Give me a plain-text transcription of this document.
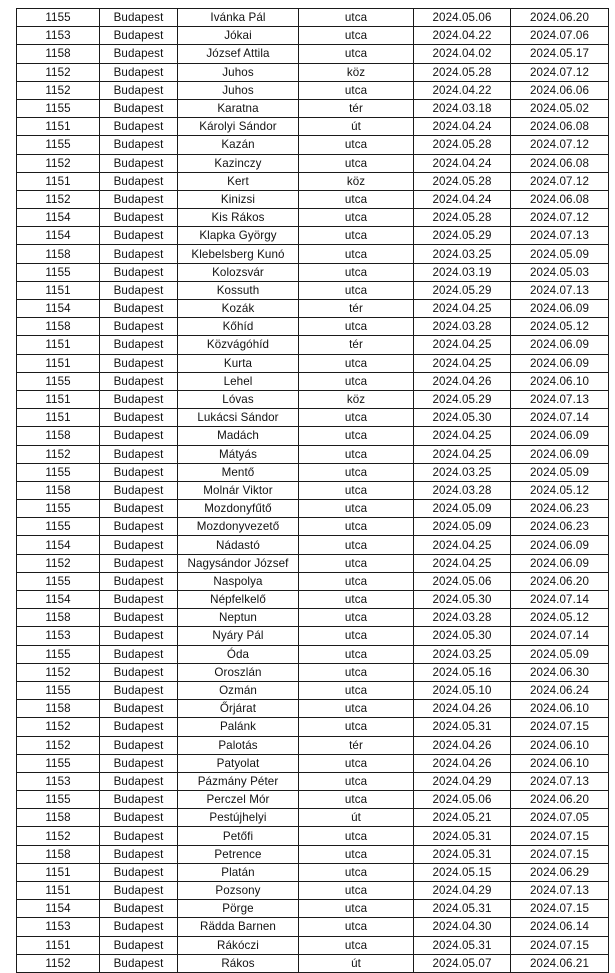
1155	Budapest	Ivánka Pál	utca	2024.05.06	2024.06.20
1153	Budapest	Jókai	utca	2024.04.22	2024.07.06
1158	Budapest	József Attila	utca	2024.04.02	2024.05.17
1152	Budapest	Juhos	köz	2024.05.28	2024.07.12
1152	Budapest	Juhos	utca	2024.04.22	2024.06.06
1155	Budapest	Karatna	tér	2024.03.18	2024.05.02
1151	Budapest	Károlyi Sándor	út	2024.04.24	2024.06.08
1155	Budapest	Kazán	utca	2024.05.28	2024.07.12
1152	Budapest	Kazinczy	utca	2024.04.24	2024.06.08
1151	Budapest	Kert	köz	2024.05.28	2024.07.12
1152	Budapest	Kinizsi	utca	2024.04.24	2024.06.08
1154	Budapest	Kis Rákos	utca	2024.05.28	2024.07.12
1154	Budapest	Klapka György	utca	2024.05.29	2024.07.13
1158	Budapest	Klebelsberg Kunó	utca	2024.03.25	2024.05.09
1155	Budapest	Kolozsvár	utca	2024.03.19	2024.05.03
1151	Budapest	Kossuth	utca	2024.05.29	2024.07.13
1154	Budapest	Kozák	tér	2024.04.25	2024.06.09
1158	Budapest	Kőhíd	utca	2024.03.28	2024.05.12
1151	Budapest	Közvágóhíd	tér	2024.04.25	2024.06.09
1151	Budapest	Kurta	utca	2024.04.25	2024.06.09
1155	Budapest	Lehel	utca	2024.04.26	2024.06.10
1151	Budapest	Lóvas	köz	2024.05.29	2024.07.13
1151	Budapest	Lukácsi Sándor	utca	2024.05.30	2024.07.14
1158	Budapest	Madách	utca	2024.04.25	2024.06.09
1152	Budapest	Mátyás	utca	2024.04.25	2024.06.09
1155	Budapest	Mentő	utca	2024.03.25	2024.05.09
1158	Budapest	Molnár Viktor	utca	2024.03.28	2024.05.12
1155	Budapest	Mozdonyfűtő	utca	2024.05.09	2024.06.23
1155	Budapest	Mozdonyvezető	utca	2024.05.09	2024.06.23
1154	Budapest	Nádastó	utca	2024.04.25	2024.06.09
1152	Budapest	Nagysándor József	utca	2024.04.25	2024.06.09
1155	Budapest	Naspolya	utca	2024.05.06	2024.06.20
1154	Budapest	Népfelkelő	utca	2024.05.30	2024.07.14
1158	Budapest	Neptun	utca	2024.03.28	2024.05.12
1153	Budapest	Nyáry Pál	utca	2024.05.30	2024.07.14
1155	Budapest	Óda	utca	2024.03.25	2024.05.09
1152	Budapest	Oroszlán	utca	2024.05.16	2024.06.30
1155	Budapest	Ozmán	utca	2024.05.10	2024.06.24
1158	Budapest	Őrjárat	utca	2024.04.26	2024.06.10
1152	Budapest	Palánk	utca	2024.05.31	2024.07.15
1152	Budapest	Palotás	tér	2024.04.26	2024.06.10
1155	Budapest	Patyolat	utca	2024.04.26	2024.06.10
1153	Budapest	Pázmány Péter	utca	2024.04.29	2024.07.13
1155	Budapest	Perczel Mór	utca	2024.05.06	2024.06.20
1158	Budapest	Pestújhelyi	út	2024.05.21	2024.07.05
1152	Budapest	Petőfi	utca	2024.05.31	2024.07.15
1158	Budapest	Petrence	utca	2024.05.31	2024.07.15
1151	Budapest	Platán	utca	2024.05.15	2024.06.29
1151	Budapest	Pozsony	utca	2024.04.29	2024.07.13
1154	Budapest	Pörge	utca	2024.05.31	2024.07.15
1153	Budapest	Rädda Barnen	utca	2024.04.30	2024.06.14
1151	Budapest	Rákóczi	utca	2024.05.31	2024.07.15
1152	Budapest	Rákos	út	2024.05.07	2024.06.21
